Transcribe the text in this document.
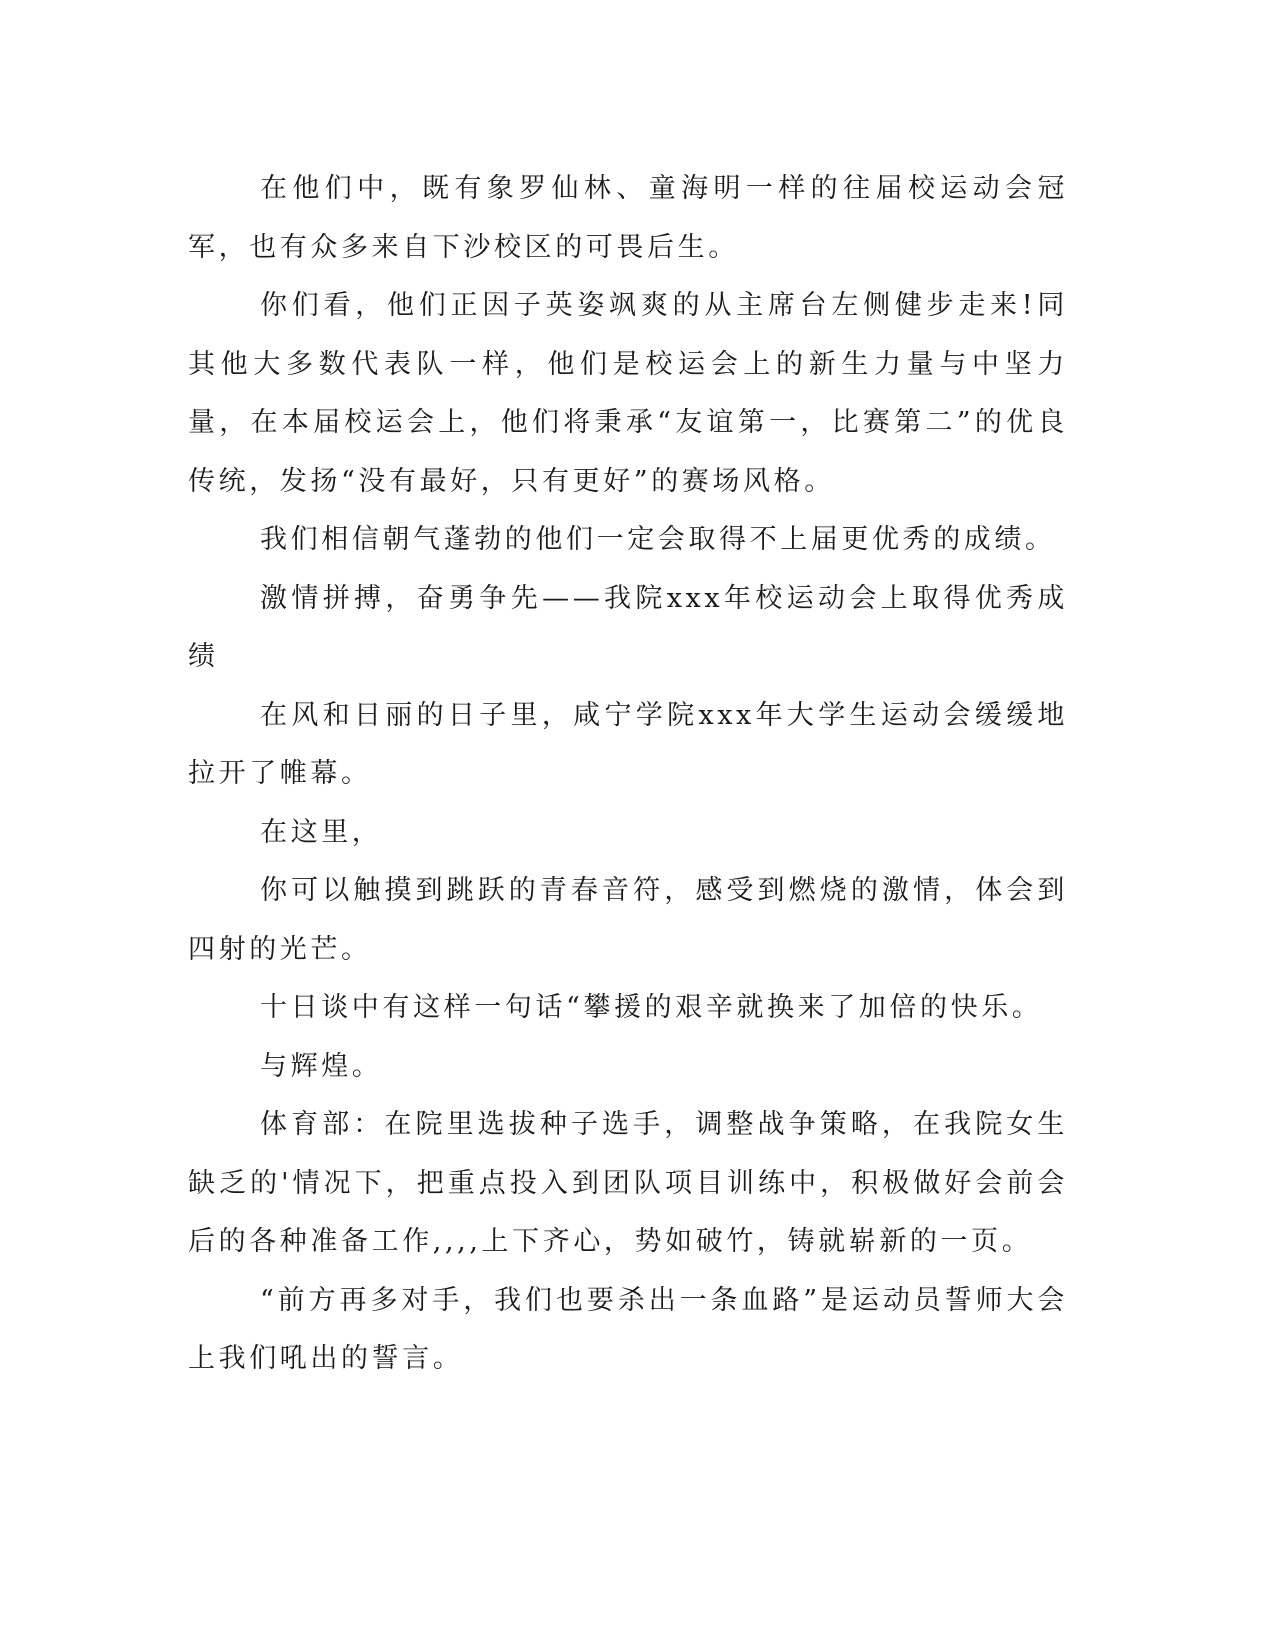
在他们中，既有象罗仙林、童海明一样的往届校运动会冠军，也有众多来自下沙校区的可畏后生。

你们看，他们正因子英姿飒爽的从主席台左侧健步走来!同其他大多数代表队一样，他们是校运会上的新生力量与中坚力量，在本届校运会上，他们将秉承“友谊第一，比赛第二”的优良传统，发扬“没有最好，只有更好”的赛场风格。

我们相信朝气蓬勃的他们一定会取得不上届更优秀的成绩。

激情拼搏，奋勇争先——我院xxx年校运动会上取得优秀成绩

在风和日丽的日子里，咸宁学院xxx年大学生运动会缓缓地拉开了帷幕。

在这里，

你可以触摸到跳跃的青春音符，感受到燃烧的激情，体会到四射的光芒。

十日谈中有这样一句话“攀援的艰辛就换来了加倍的快乐。

与辉煌。

体育部：在院里选拔种子选手，调整战争策略，在我院女生缺乏的'情况下，把重点投入到团队项目训练中，积极做好会前会后的各种准备工作,,,,上下齐心，势如破竹，铸就崭新的一页。

“前方再多对手，我们也要杀出一条血路”是运动员誓师大会上我们吼出的誓言。
